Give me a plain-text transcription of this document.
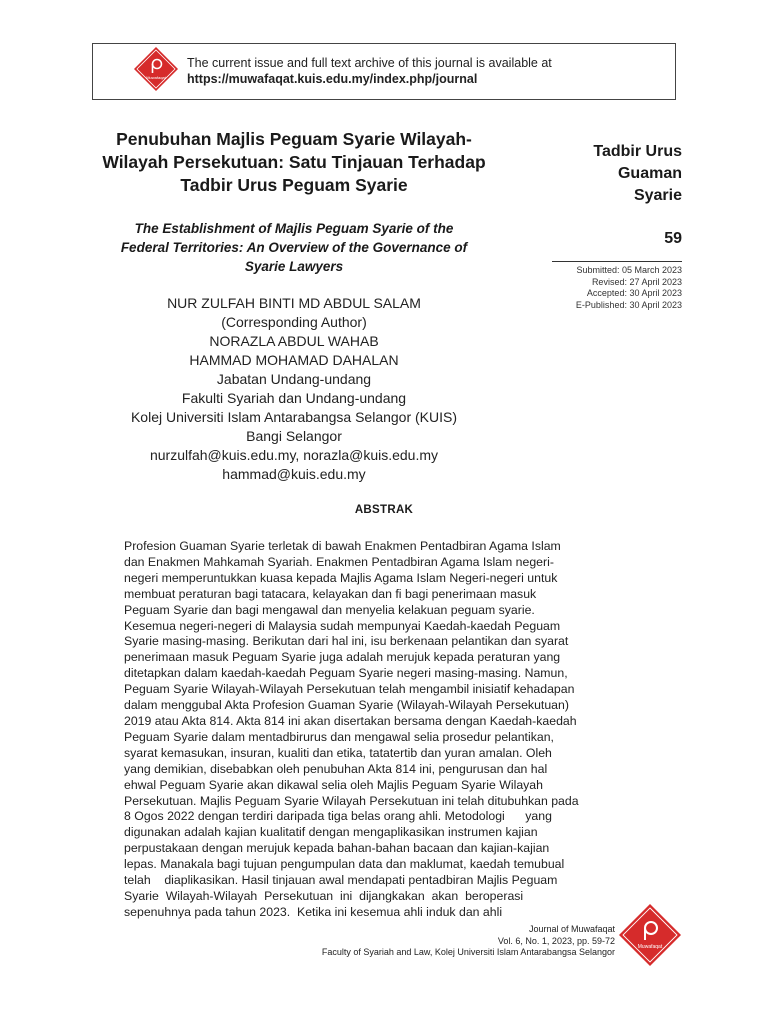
Muwafaqat
The current issue and full text archive of this journal is available at
https://muwafaqat.kuis.edu.my/index.php/journal
Penubuhan Majlis Peguam Syarie Wilayah-
Wilayah Persekutuan: Satu Tinjauan Terhadap
Tadbir Urus Peguam Syarie
The Establishment of Majlis Peguam Syarie of the
Federal Territories: An Overview of the Governance of
Syarie Lawyers
NUR ZULFAH BINTI MD ABDUL SALAM
(Corresponding Author)
NORAZLA ABDUL WAHAB
HAMMAD MOHAMAD DAHALAN
Jabatan Undang-undang
Fakulti Syariah dan Undang-undang
Kolej Universiti Islam Antarabangsa Selangor (KUIS)
Bangi Selangor
nurzulfah@kuis.edu.my, norazla@kuis.edu.my
hammad@kuis.edu.my
Tadbir Urus
Guaman
Syarie
59
Submitted: 05 March 2023
Revised: 27 April 2023
Accepted: 30 April 2023
E-Published: 30 April 2023
ABSTRAK
Profesion Guaman Syarie terletak di bawah Enakmen Pentadbiran Agama Islam
dan Enakmen Mahkamah Syariah. Enakmen Pentadbiran Agama Islam negeri-
negeri memperuntukkan kuasa kepada Majlis Agama Islam Negeri-negeri untuk
membuat peraturan bagi tatacara, kelayakan dan fi bagi penerimaan masuk
Peguam Syarie dan bagi mengawal dan menyelia kelakuan peguam syarie.
Kesemua negeri-negeri di Malaysia sudah mempunyai Kaedah-kaedah Peguam
Syarie masing-masing. Berikutan dari hal ini, isu berkenaan pelantikan dan syarat
penerimaan masuk Peguam Syarie juga adalah merujuk kepada peraturan yang
ditetapkan dalam kaedah-kaedah Peguam Syarie negeri masing-masing. Namun,
Peguam Syarie Wilayah-Wilayah Persekutuan telah mengambil inisiatif kehadapan
dalam menggubal Akta Profesion Guaman Syarie (Wilayah-Wilayah Persekutuan)
2019 atau Akta 814. Akta 814 ini akan disertakan bersama dengan Kaedah-kaedah
Peguam Syarie dalam mentadbirurus dan mengawal selia prosedur pelantikan,
syarat kemasukan, insuran, kualiti dan etika, tatatertib dan yuran amalan. Oleh
yang demikian, disebabkan oleh penubuhan Akta 814 ini, pengurusan dan hal
ehwal Peguam Syarie akan dikawal selia oleh Majlis Peguam Syarie Wilayah
Persekutuan. Majlis Peguam Syarie Wilayah Persekutuan ini telah ditubuhkan pada
8 Ogos 2022 dengan terdiri daripada tiga belas orang ahli. Metodologi      yang
digunakan adalah kajian kualitatif dengan mengaplikasikan instrumen kajian
perpustakaan dengan merujuk kepada bahan-bahan bacaan dan kajian-kajian
lepas. Manakala bagi tujuan pengumpulan data dan maklumat, kaedah temubual
telah    diaplikasikan. Hasil tinjauan awal mendapati pentadbiran Majlis Peguam
Syarie  Wilayah-Wilayah  Persekutuan  ini  dijangkakan  akan  beroperasi
sepenuhnya pada tahun 2023.  Ketika ini kesemua ahli induk dan ahli
Journal of Muwafaqat
Vol. 6, No. 1, 2023, pp. 59-72
Faculty of Syariah and Law, Kolej Universiti Islam Antarabangsa Selangor	Muwafaqat
